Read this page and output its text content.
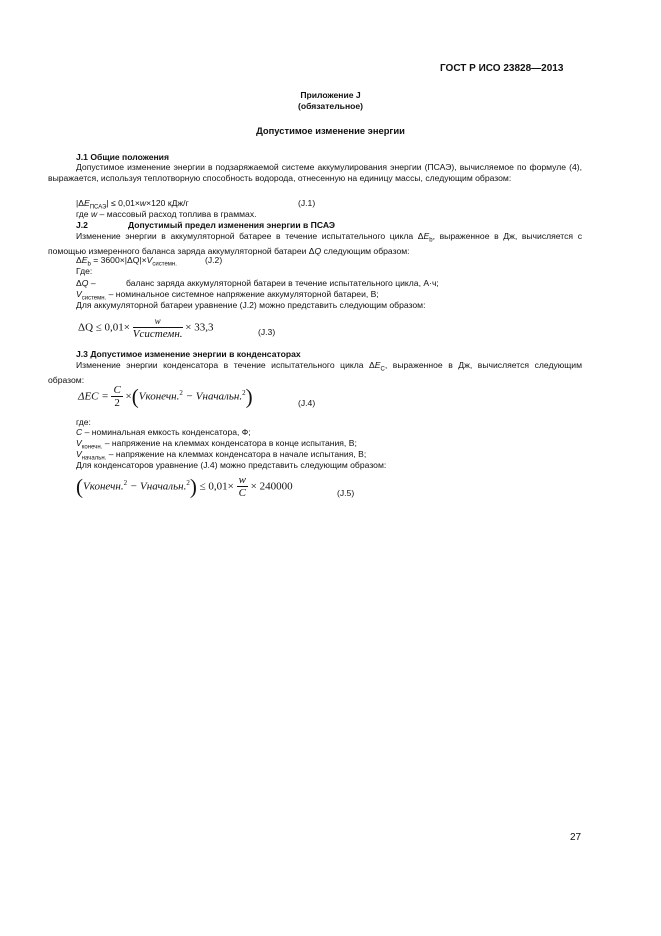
ГОСТ Р ИСО 23828—2013
Приложение J
(обязательное)
Допустимое изменение энергии
J.1 Общие положения
Допустимое изменение энергии в подзаряжаемой системе аккумулирования энергии (ПСАЭ), вычисляемое по формуле (4), выражается, используя теплотворную способность водорода, отнесенную на единицу массы, следующим образом:
$|\Delta E_{ПСАЭ}| \le 0,01\times w\times 120$ кДж/г	(J.1)
где w – массовый расход топлива в граммах.
J.2	Допустимый предел изменения энергии в ПСАЭ
Изменение энергии в аккумуляторной батарее в течение испытательного цикла $\Delta E_b$, выраженное в Дж, вычисляется с помощью измеренного баланса заряда аккумуляторной батареи ΔQ следующим образом:
$\Delta E_b = 3600\times|\Delta Q|\times V_{системн.}$	(J.2)
Где:
ΔQ –	баланс заряда аккумуляторной батареи в течение испытательного цикла, А·ч;
$V_{системн.}$ – номинальное системное напряжение аккумуляторной батареи, В;
Для аккумуляторной батареи уравнение (J.2) можно представить следующим образом:
$\Delta Q \le 0,01\times \frac{w}{\text{Vсистемн.}} \times 33,3$	(J.3)
J.3 Допустимое изменение энергии в конденсаторах
Изменение энергии конденсатора в течение испытательного цикла $\Delta E_C$, выраженное в Дж, вычисляется следующим образом:
$\Delta EC = \frac{C}{2}$ ×(Vконечн.$^2$ − Vначальн.$^2$)	(J.4)
где:
C – номинальная емкость конденсатора, Ф;
$V_{конечн.}$ – напряжение на клеммах конденсатора в конце испытания, В;
$V_{начальн.}$ – напряжение на клеммах конденсатора в начале испытания, В;
Для конденсаторов уравнение (J.4) можно представить следующим образом:
(Vконечн.$^2$ − Vначальн.$^2$) ≤ $0,01\times \frac{w}{C} \times 240000$
(J.5)
27
